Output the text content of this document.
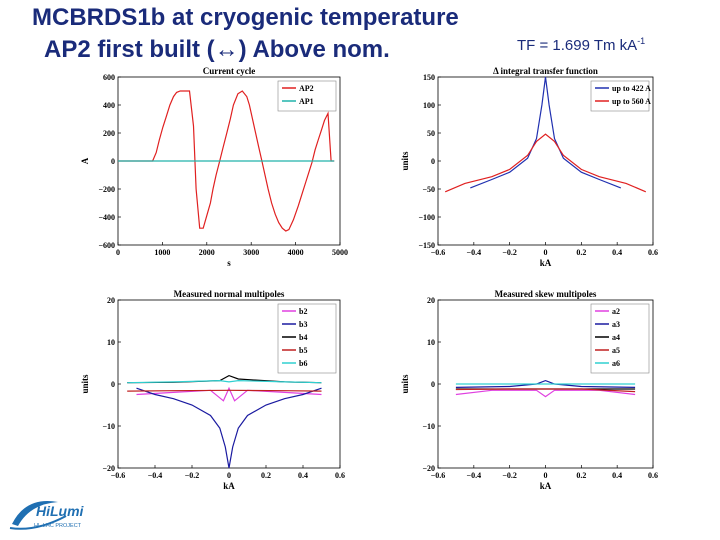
MCBRDS1b at cryogenic temperature
AP2 first built (↔) Above nom.	TF = 1.699 Tm $kA^{-1}$
Current cycle
0	1000	2000	3000	4000	5000
−600
−400
−200
0
200
400
600
s
A
AP2
AP1
Δ integral transfer function
−0.6	−0.4	−0.2	0	0.2	0.4	0.6
−150
−100
−50
0
50
100
150
kA
units
up to 422 A
up to 560 A
Measured normal multipoles
−0.6	−0.4	−0.2	0	0.2	0.4	0.6
−20
−10
0
10
20
kA
units
b2
b3
b4
b5
b6
Measured skew multipoles
−0.6	−0.4	−0.2	0	0.2	0.4	0.6
−20
−10
0
10
20
kA
units
a2
a3
a4
a5
a6
HiLumi
HL-LHC PROJECT
